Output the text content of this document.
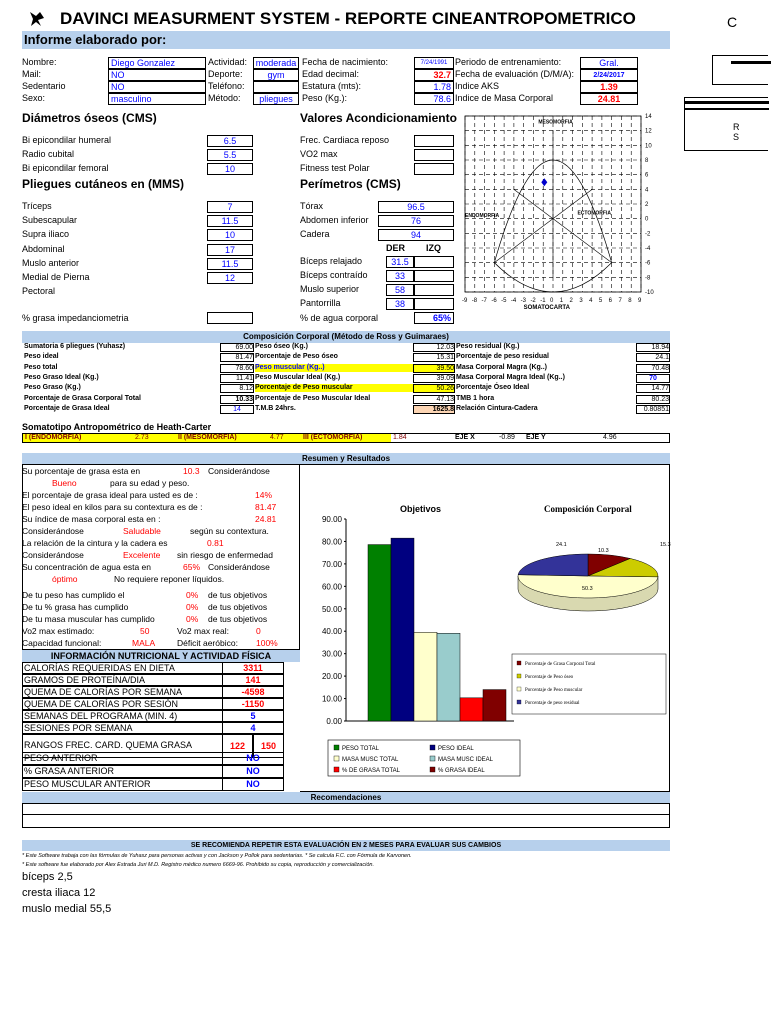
DAVINCI MEASURMENT SYSTEM - REPORTE CINEANTROPOMETRICO	C
Informe elaborado por:
R
S
Nombre:	Diego Gonzalez
Mail:	NO
Sedentario	NO
Sexo:	masculino
Actividad: moderada
Deporte:	gym
Teléfono:
Método:	pliegues
Fecha de nacimiento:	7/24/1991
Edad decimal:	32.7
Estatura (mts):	1.78
Peso (Kg.):	78.6
Periodo de entrenamiento:	Gral.
Fecha de evaluación (D/M/A):	2/24/2017
Indice AKS	1.39
Indice de Masa Corporal	24.81
Diámetros óseos (CMS)	Valores Acondicionamiento
Bi epicondilar humeral	6.5
Radio cubital	5.5
Bi epicondilar femoral	10
Frec. Cardiaca reposo
VO2 max
Fitness test Polar
Tríceps	7
Subescapular	11.5
Supra iliaco	10
Abdominal	17
Muslo anterior	11.5
Medial de Pierna	12
Pectoral
Tórax	96.5
Abdomen inferior	76
Cadera	94
Bíceps relajado	31.5
Bíceps contraído	33
Muslo superior	58
Pantorrilla	38
Pliegues cutáneos en (MMS)	Perímetros (CMS)
DER IZQ
% grasa impedanciometria	% de agua corporal	65%
14
12
10
8
6
4
2
0
-2
-4
-6
-8
-10
-9 -8 -7 -6 -5 -4 -3 -2 -1 0 1 2 3 4 5 6 7 8 9
SOMATOCARTA
MESOMORFIA
ENDOMORFIA	ECTOMORFIA
Composición Corporal (Método de Ross y Guimaraes)
Sumatoria 6 pliegues (Yuhasz)	69.00 Peso óseo (Kg.)	12.03 Peso residual (Kg.)	18.94
Peso ideal	81.47 Porcentaje de Peso óseo	15.31 Porcentaje de peso residual	24.1
Peso total	78.60 Peso muscular (Kg..)	39.50 Masa Corporal Magra (Kg..)	70.48
Peso Graso Ideal (Kg.)	11.41 Peso Muscular Ideal (Kg.)	39.09 Masa Corporal Magra Ideal (Kg..)	70
Peso Graso (Kg.)	8.12 Porcentaje de Peso muscular	50.26 Porcentaje Óseo Ideal	14.77
Porcentaje de Grasa Corporal Total	10.33 Porcentaje de Peso Muscular Ideal	47.13 TMB 1 hora	80.23
Porcentaje de Grasa Ideal	14	T.M.B 24hrs.	1625.8 Relación Cintura-Cadera	0.80851
Somatotipo Antropométrico de Heath-Carter
I (ENDOMORFIA)	2.73	II (MESOMORFIA)	4.77	III (ECTOMORFIA)	1.84	EJE X	-0.89 EJE Y	4.96
Resumen y Resultados
Su porcentaje de grasa esta en	10.3 Considerándose
Bueno	para su edad y peso.
El porcentaje de grasa ideal para usted es de :	14%
El peso ideal en kilos para su contextura es de :	81.47
Su índice de masa corporal esta en :	24.81
Considerándose	Saludable	según su contextura.
La relación de la cintura y la cadera es	0.81
Considerándose	Excelente sin riesgo de enfermedad
Su concentración de agua esta en	65% Considerándose
óptimo	No requiere reponer líquidos.
De tu peso has cumplido el	0% de tus objetivos
De tu % grasa has cumplido	0% de tus objetivos
De tu masa muscular has cumplido	0% de tus objetivos
Vo2 max estimado:	50	Vo2 max real:	0
Capacidad funcional:	MALA	Déficit aeróbico: 100%
INFORMACIÓN NUTRICIONAL Y ACTIVIDAD FÍSICA
CALORÍAS REQUERIDAS EN DIETA	3311
GRAMOS DE PROTEÍNA/DIA	141
QUEMA DE CALORÍAS POR SEMANA	-4598
QUEMA DE CALORÍAS POR SESIÓN	-1150
SEMANAS DEL PROGRAMA (MIN. 4)	5
SESIONES POR SEMANA	4
RANGOS FREC. CARD. QUEMA GRASA	122	150
PESO ANTERIOR	NO
% GRASA ANTERIOR	NO
PESO MUSCULAR ANTERIOR	NO
Objetivos
0.00
10.00
20.00
30.00
40.00
50.00
60.00
70.00
80.00
90.00
PESO TOTAL	PESO IDEAL
MASA MUSC TOTAL	MASA MUSC IDEAL
% DE GRASA TOTAL	% GRASA IDEAL
Composición Corporal
10.3
15.3
50.3
24.1
Porcentaje de Grasa Corporal Total
Porcentaje de Peso óseo
Porcentaje de Peso muscular
Porcentaje de peso residual
Recomendaciones
SE RECOMIENDA REPETIR ESTA EVALUACIÓN EN 2 MESES PARA EVALUAR SUS CAMBIOS
* Este Software trabaja con las fórmulas de Yuhasz para personas activas y con Jackson y Pollok para sedentarias. * Se calcula F.C. con Fórmula de Karvonen.
* Este software fue elaborado por Alex Estrada Juri M.D. Registro médico numero 6669-96. Prohibido su copia, reproducción y comercialización.
bíceps 2,5
cresta iliaca 12
muslo medial 55,5
